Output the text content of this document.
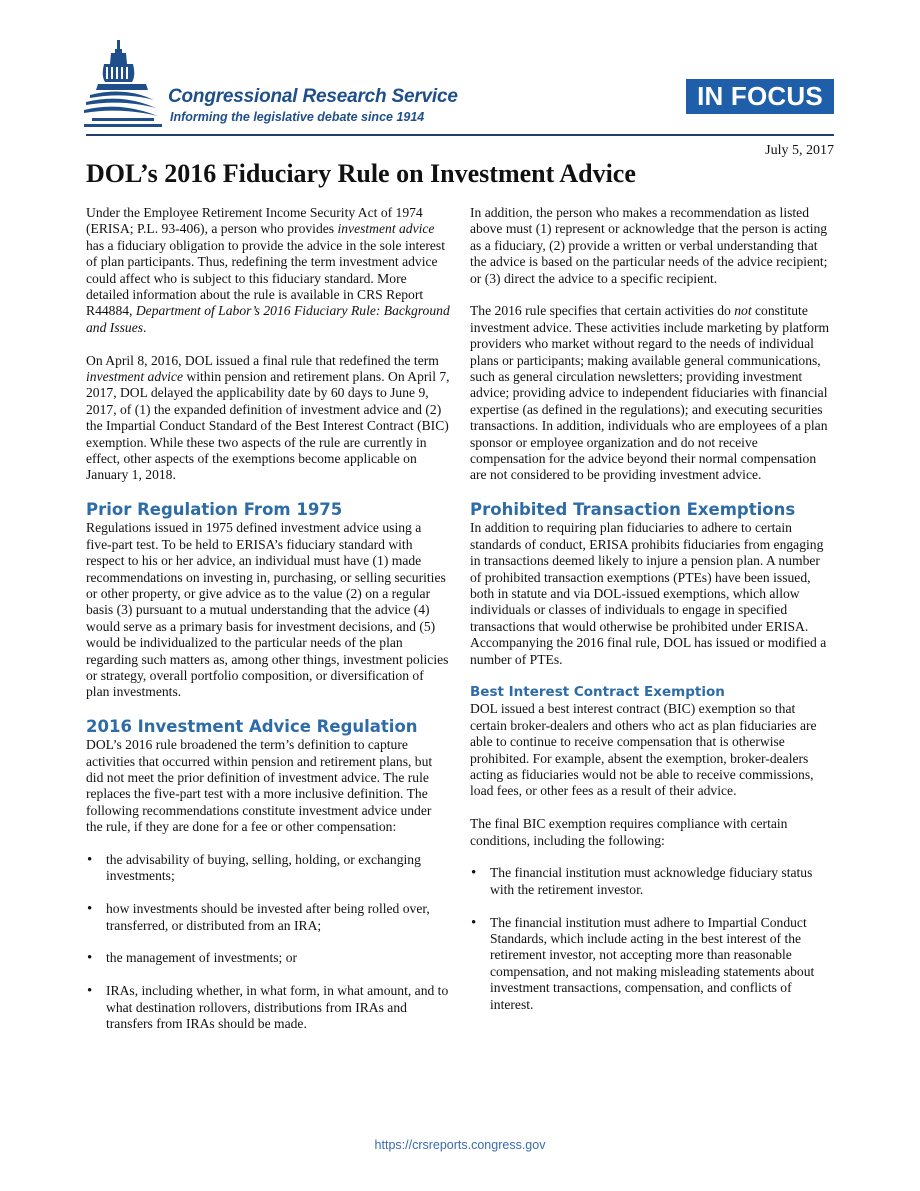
Congressional Research Service
Informing the legislative debate since 1914
IN FOCUS
July 5, 2017
DOL’s 2016 Fiduciary Rule on Investment Advice

Under the Employee Retirement Income Security Act of 1974 (ERISA; P.L. 93-406), a person who provides investment advice has a fiduciary obligation to provide the advice in the sole interest of plan participants. Thus, redefining the term investment advice could affect who is subject to this fiduciary standard. More detailed information about the rule is available in CRS Report R44884, Department of Labor’s 2016 Fiduciary Rule: Background and Issues.

On April 8, 2016, DOL issued a final rule that redefined the term investment advice within pension and retirement plans. On April 7, 2017, DOL delayed the applicability date by 60 days to June 9, 2017, of (1) the expanded definition of investment advice and (2) the Impartial Conduct Standard of the Best Interest Contract (BIC) exemption. While these two aspects of the rule are currently in effect, other aspects of the exemptions become applicable on January 1, 2018.

Prior Regulation From 1975

Regulations issued in 1975 defined investment advice using a five-part test. To be held to ERISA’s fiduciary standard with respect to his or her advice, an individual must have (1) made recommendations on investing in, purchasing, or selling securities or other property, or give advice as to the value (2) on a regular basis (3) pursuant to a mutual understanding that the advice (4) would serve as a primary basis for investment decisions, and (5) would be individualized to the particular needs of the plan regarding such matters as, among other things, investment policies or strategy, overall portfolio composition, or diversification of plan investments.

2016 Investment Advice Regulation

DOL’s 2016 rule broadened the term’s definition to capture activities that occurred within pension and retirement plans, but did not meet the prior definition of investment advice. The rule replaces the five-part test with a more inclusive definition. The following recommendations constitute investment advice under the rule, if they are done for a fee or other compensation:

• the advisability of buying, selling, holding, or exchanging investments;
• how investments should be invested after being rolled over, transferred, or distributed from an IRA;
• the management of investments; or
• IRAs, including whether, in what form, in what amount, and to what destination rollovers, distributions from IRAs and transfers from IRAs should be made.

In addition, the person who makes a recommendation as listed above must (1) represent or acknowledge that the person is acting as a fiduciary, (2) provide a written or verbal understanding that the advice is based on the particular needs of the advice recipient; or (3) direct the advice to a specific recipient.

The 2016 rule specifies that certain activities do not constitute investment advice. These activities include marketing by platform providers who market without regard to the needs of individual plans or participants; making available general communications, such as general circulation newsletters; providing investment advice; providing advice to independent fiduciaries with financial expertise (as defined in the regulations); and executing securities transactions. In addition, individuals who are employees of a plan sponsor or employee organization and do not receive compensation for the advice beyond their normal compensation are not considered to be providing investment advice.

Prohibited Transaction Exemptions

In addition to requiring plan fiduciaries to adhere to certain standards of conduct, ERISA prohibits fiduciaries from engaging in transactions deemed likely to injure a pension plan. A number of prohibited transaction exemptions (PTEs) have been issued, both in statute and via DOL-issued exemptions, which allow individuals or classes of individuals to engage in specified transactions that would otherwise be prohibited under ERISA. Accompanying the 2016 final rule, DOL has issued or modified a number of PTEs.

Best Interest Contract Exemption

DOL issued a best interest contract (BIC) exemption so that certain broker-dealers and others who act as plan fiduciaries are able to continue to receive compensation that is otherwise prohibited. For example, absent the exemption, broker-dealers acting as fiduciaries would not be able to receive commissions, load fees, or other fees as a result of their advice.

The final BIC exemption requires compliance with certain conditions, including the following:

• The financial institution must acknowledge fiduciary status with the retirement investor.
• The financial institution must adhere to Impartial Conduct Standards, which include acting in the best interest of the retirement investor, not accepting more than reasonable compensation, and not making misleading statements about investment transactions, compensation, and conflicts of interest.
https://crsreports.congress.gov
